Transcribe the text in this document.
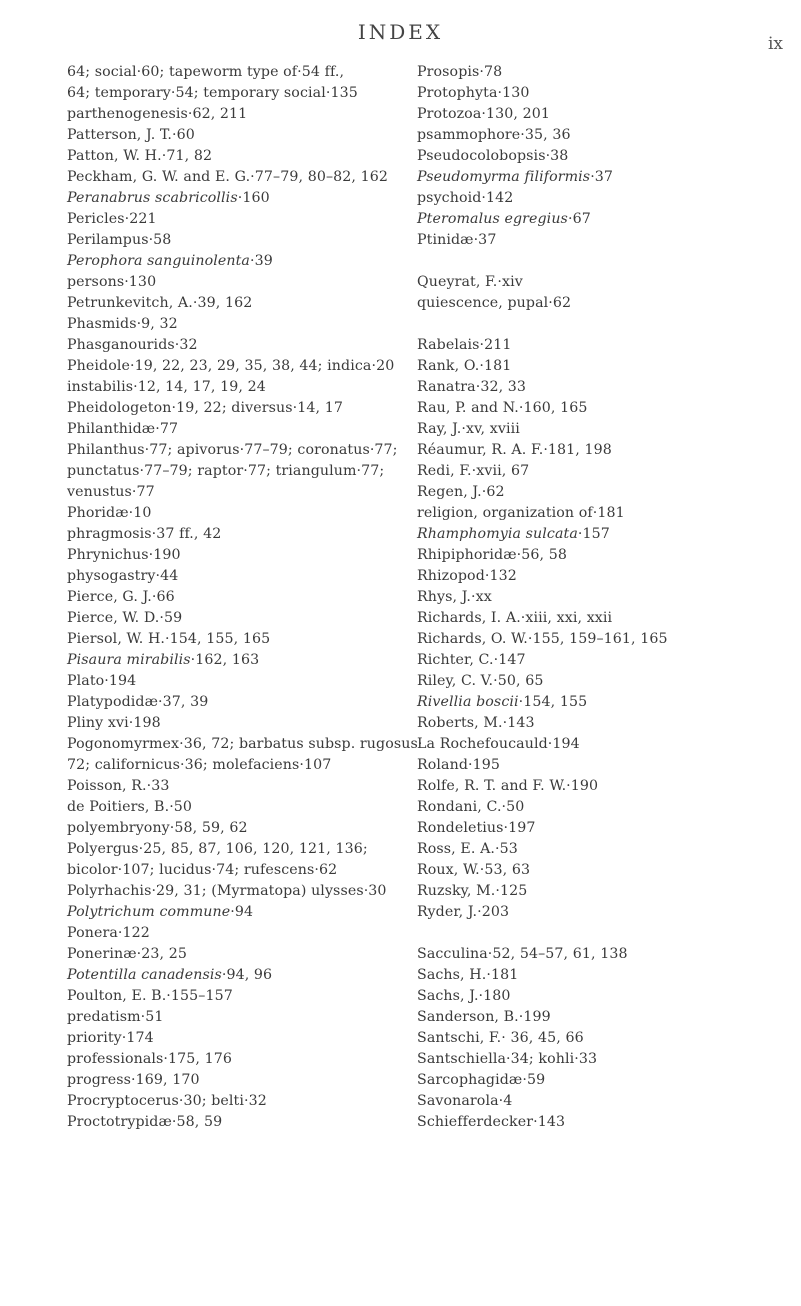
INDEX	ix
64; social·60; tapeworm type of·54 ff.,
64; temporary·54; temporary social·135
parthenogenesis·62, 211
Patterson, J. T.·60
Patton, W. H.·71, 82
Peckham, G. W. and E. G.·77–79, 80–82, 162
Peranabrus scabricollis·160
Pericles·221
Perilampus·58
Perophora sanguinolenta·39
persons·130
Petrunkevitch, A.·39, 162
Phasmids·9, 32
Phasganourids·32
Pheidole·19, 22, 23, 29, 35, 38, 44; indica·20
instabilis·12, 14, 17, 19, 24
Pheidologeton·19, 22; diversus·14, 17
Philanthidæ·77
Philanthus·77; apivorus·77–79; coronatus·77;
punctatus·77–79; raptor·77; triangulum·77;
venustus·77
Phoridæ·10
phragmosis·37 ff., 42
Phrynichus·190
physogastry·44
Pierce, G. J.·66
Pierce, W. D.·59
Piersol, W. H.·154, 155, 165
Pisaura mirabilis·162, 163
Plato·194
Platypodidæ·37, 39
Pliny xvi·198
Pogonomyrmex·36, 72; barbatus subsp. rugosus·
72; californicus·36; molefaciens·107
Poisson, R.·33
de Poitiers, B.·50
polyembryony·58, 59, 62
Polyergus·25, 85, 87, 106, 120, 121, 136;
bicolor·107; lucidus·74; rufescens·62
Polyrhachis·29, 31; (Myrmatopa) ulysses·30
Polytrichum commune·94
Ponera·122
Ponerinæ·23, 25
Potentilla canadensis·94, 96
Poulton, E. B.·155–157
predatism·51
priority·174
professionals·175, 176
progress·169, 170
Procryptocerus·30; belti·32
Proctotrypidæ·58, 59
Prosopis·78
Protophyta·130
Protozoa·130, 201
psammophore·35, 36
Pseudocolobopsis·38
Pseudomyrma filiformis·37
psychoid·142
Pteromalus egregius·67
Ptinidæ·37
Queyrat, F.·xiv
quiescence, pupal·62
Rabelais·211
Rank, O.·181
Ranatra·32, 33
Rau, P. and N.·160, 165
Ray, J.·xv, xviii
Réaumur, R. A. F.·181, 198
Redi, F.·xvii, 67
Regen, J.·62
religion, organization of·181
Rhamphomyia sulcata·157
Rhipiphoridæ·56, 58
Rhizopod·132
Rhys, J.·xx
Richards, I. A.·xiii, xxi, xxii
Richards, O. W.·155, 159–161, 165
Richter, C.·147
Riley, C. V.·50, 65
Rivellia boscii·154, 155
Roberts, M.·143
La Rochefoucauld·194
Roland·195
Rolfe, R. T. and F. W.·190
Rondani, C.·50
Rondeletius·197
Ross, E. A.·53
Roux, W.·53, 63
Ruzsky, M.·125
Ryder, J.·203
Sacculina·52, 54–57, 61, 138
Sachs, H.·181
Sachs, J.·180
Sanderson, B.·199
Santschi, F.· 36, 45, 66
Santschiella·34; kohli·33
Sarcophagidæ·59
Savonarola·4
Schiefferdecker·143
